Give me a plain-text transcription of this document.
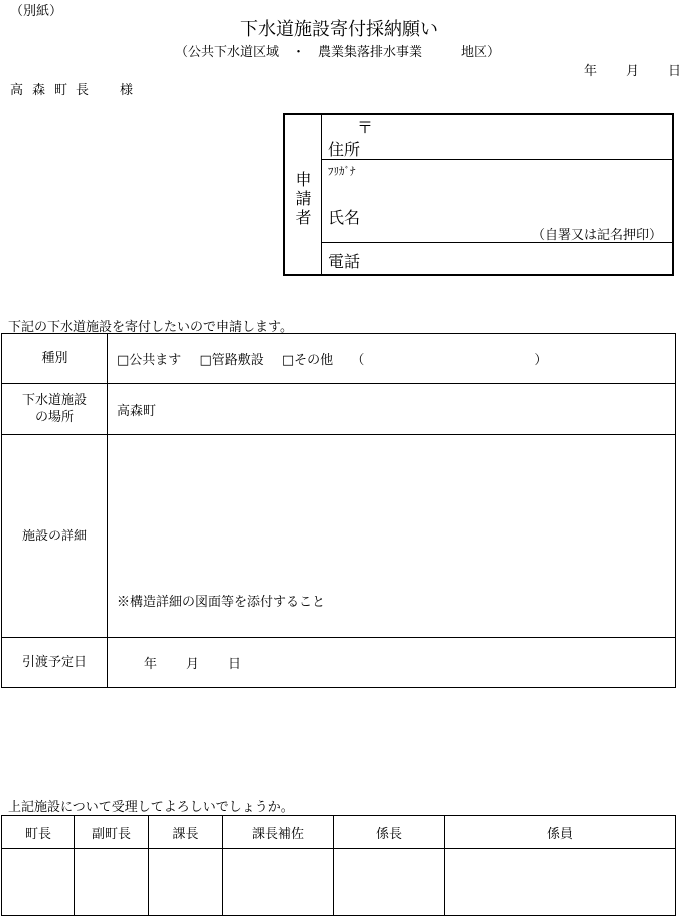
（別紙）
下水道施設寄付採納願い
（公共下水道区域　・　農業集落排水事業　　　地区）
年 月 日
高森町長　様
申
請
者
〒
住所
ﾌﾘｶﾞﾅ
氏名
（自署又は記名押印）
電話
下記の下水道施設を寄付したいので申請します。
種別	□公共ます □管路敷設 □その他 （ ）

下水道施設
の場所	高森町
施設の詳細	※構造詳細の図面等を添付すること

引渡予定日	年 月 日
上記施設について受理してよろしいでしょうか。
町長	副町長	課長	課長補佐	係長	係員
